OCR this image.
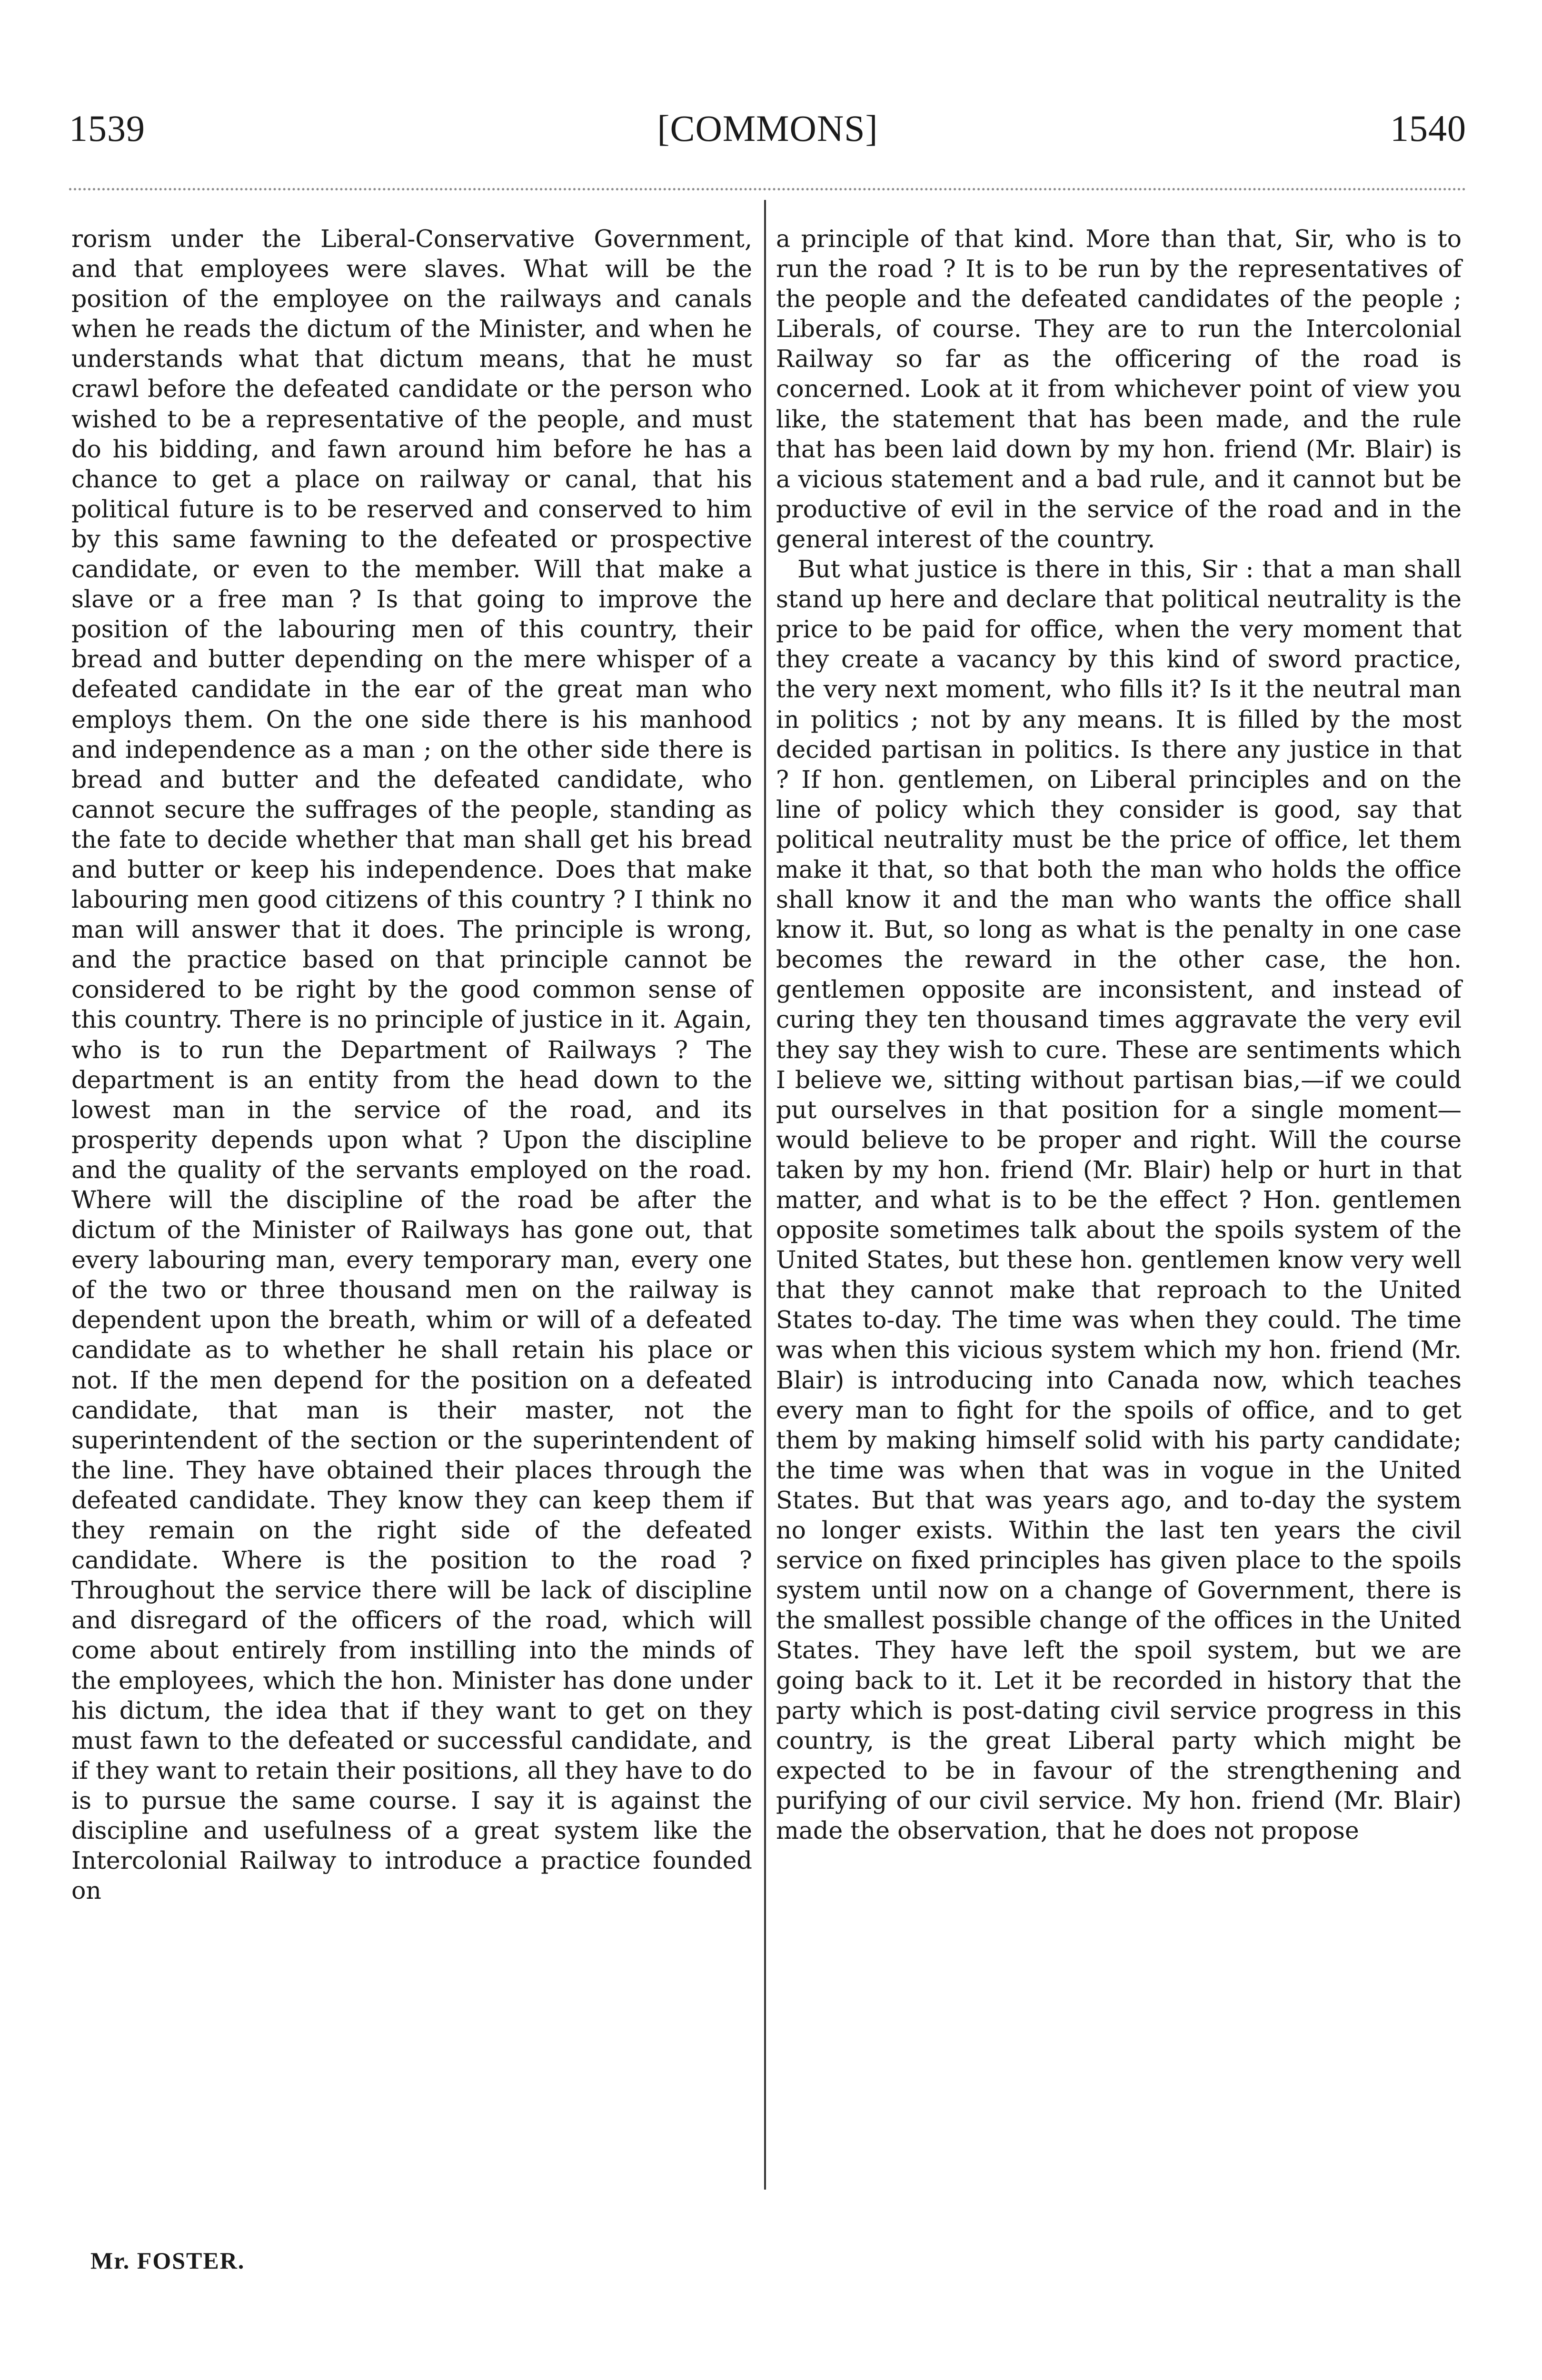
1539	[COMMONS]	1540

rorism under the Liberal-Conservative Government, and that employees were slaves. What will be the position of the employee on the railways and canals when he reads the dictum of the Minister, and when he understands what that dictum means, that he must crawl before the defeated candidate or the person who wished to be a representative of the people, and must do his bidding, and fawn around him before he has a chance to get a place on railway or canal, that his political future is to be reserved and conserved to him by this same fawning to the defeated or prospective candidate, or even to the member. Will that make a slave or a free man ? Is that going to improve the position of the labouring men of this country, their bread and butter depending on the mere whisper of a defeated candidate in the ear of the great man who employs them. On the one side there is his manhood and independence as a man ; on the other side there is bread and butter and the defeated candidate, who cannot secure the suffrages of the people, standing as the fate to decide whether that man shall get his bread and butter or keep his independence. Does that make labouring men good citizens of this country ? I think no man will answer that it does. The principle is wrong, and the practice based on that principle cannot be considered to be right by the good common sense of this country. There is no principle of justice in it. Again, who is to run the Department of Railways ? The department is an entity from the head down to the lowest man in the service of the road, and its prosperity depends upon what ? Upon the discipline and the quality of the servants employed on the road. Where will the discipline of the road be after the dictum of the Minister of Railways has gone out, that every labouring man, every temporary man, every one of the two or three thousand men on the railway is dependent upon the breath, whim or will of a defeated candidate as to whether he shall retain his place or not. If the men depend for the position on a defeated candidate, that man is their master, not the superintendent of the section or the superintendent of the line. They have obtained their places through the defeated candidate. They know they can keep them if they remain on the right side of the defeated candidate. Where is the position to the road ? Throughout the service there will be lack of discipline and disregard of the officers of the road, which will come about entirely from instilling into the minds of the employees, which the hon. Minister has done under his dictum, the idea that if they want to get on they must fawn to the defeated or successful candidate, and if they want to retain their positions, all they have to do is to pursue the same course. I say it is against the discipline and usefulness of a great system like the Intercolonial Railway to introduce a practice founded on

a principle of that kind. More than that, Sir, who is to run the road ? It is to be run by the representatives of the people and the defeated candidates of the people ; Liberals, of course. They are to run the Intercolonial Railway so far as the officering of the road is concerned. Look at it from whichever point of view you like, the statement that has been made, and the rule that has been laid down by my hon. friend (Mr. Blair) is a vicious statement and a bad rule, and it cannot but be productive of evil in the service of the road and in the general interest of the country.

But what justice is there in this, Sir : that a man shall stand up here and declare that political neutrality is the price to be paid for office, when the very moment that they create a vacancy by this kind of sword practice, the very next moment, who fills it? Is it the neutral man in politics ; not by any means. It is filled by the most decided partisan in politics. Is there any justice in that ? If hon. gentlemen, on Liberal principles and on the line of policy which they consider is good, say that political neutrality must be the price of office, let them make it that, so that both the man who holds the office shall know it and the man who wants the office shall know it. But, so long as what is the penalty in one case becomes the reward in the other case, the hon. gentlemen opposite are inconsistent, and instead of curing they ten thousand times aggravate the very evil they say they wish to cure. These are sentiments which I believe we, sitting without partisan bias,—if we could put ourselves in that position for a single moment—would believe to be proper and right. Will the course taken by my hon. friend (Mr. Blair) help or hurt in that matter, and what is to be the effect ? Hon. gentlemen opposite sometimes talk about the spoils system of the United States, but these hon. gentlemen know very well that they cannot make that reproach to the United States to-day. The time was when they could. The time was when this vicious system which my hon. friend (Mr. Blair) is introducing into Canada now, which teaches every man to fight for the spoils of office, and to get them by making himself solid with his party candidate; the time was when that was in vogue in the United States. But that was years ago, and to-day the system no longer exists. Within the last ten years the civil service on fixed principles has given place to the spoils system until now on a change of Government, there is the smallest possible change of the offices in the United States. They have left the spoil system, but we are going back to it. Let it be recorded in history that the party which is post-dating civil service progress in this country, is the great Liberal party which might be expected to be in favour of the strengthening and purifying of our civil service. My hon. friend (Mr. Blair) made the observation, that he does not propose

Mr. FOSTER.
